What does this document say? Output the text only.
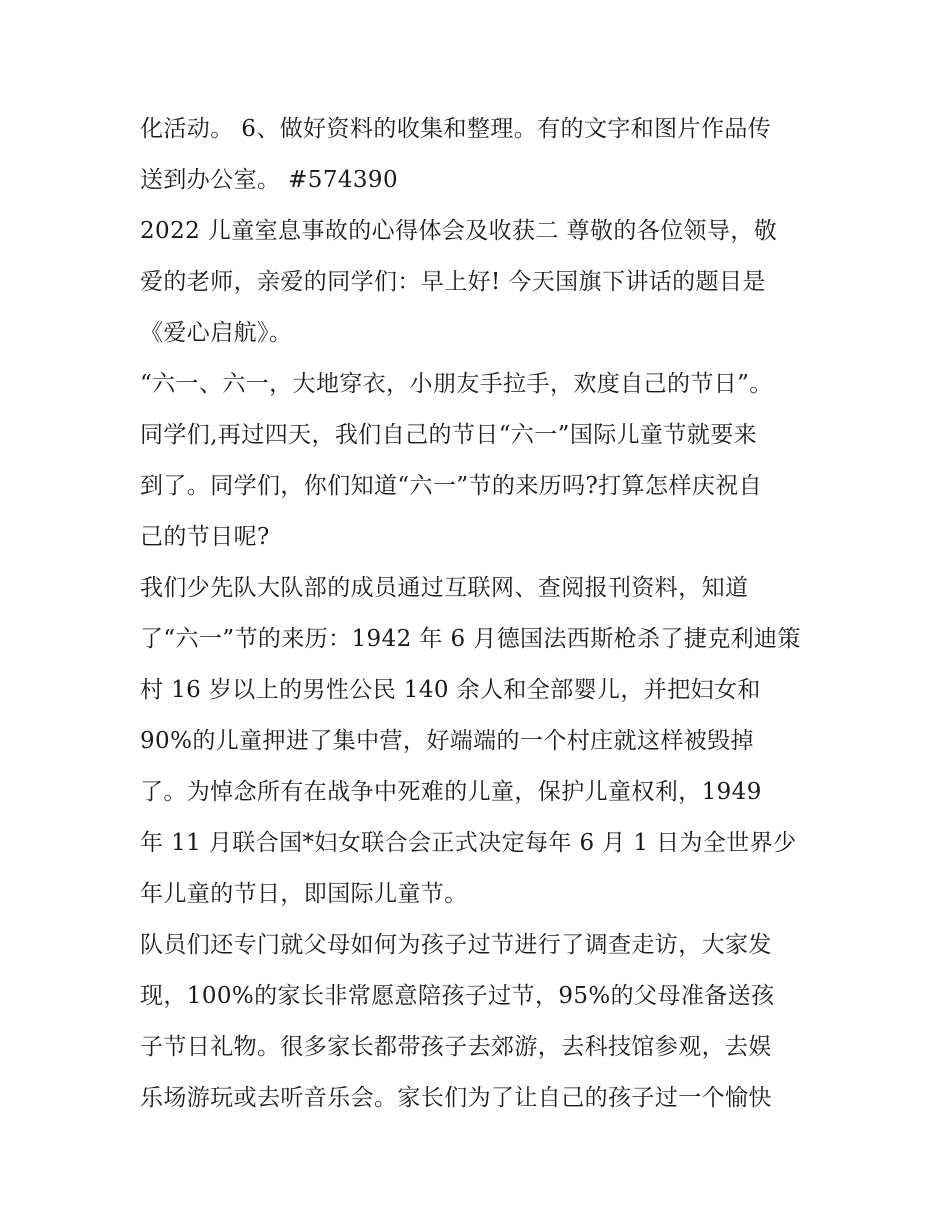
化活动。 6、做好资料的收集和整理。有的文字和图片作品传
送到办公室。 #574390
2022 儿童室息事故的心得体会及收获二 尊敬的各位领导，敬
爱的老师，亲爱的同学们：早上好! 今天国旗下讲话的题目是
《爱心启航》。
“六一、六一，大地穿衣，小朋友手拉手，欢度自己的节日”。
同学们,再过四天，我们自己的节日“六一”国际儿童节就要来
到了。同学们，你们知道“六一”节的来历吗?打算怎样庆祝自
己的节日呢?
我们少先队大队部的成员通过互联网、查阅报刊资料，知道
了“六一”节的来历：1942 年 6 月德国法西斯枪杀了捷克利迪策
村 16 岁以上的男性公民 140 余人和全部婴儿，并把妇女和
90%的儿童押进了集中营，好端端的一个村庄就这样被毁掉
了。为悼念所有在战争中死难的儿童，保护儿童权利，1949
年 11 月联合国*妇女联合会正式决定每年 6 月 1 日为全世界少
年儿童的节日，即国际儿童节。
队员们还专门就父母如何为孩子过节进行了调查走访，大家发
现，100%的家长非常愿意陪孩子过节，95%的父母准备送孩
子节日礼物。很多家长都带孩子去郊游，去科技馆参观，去娱
乐场游玩或去听音乐会。家长们为了让自己的孩子过一个愉快
